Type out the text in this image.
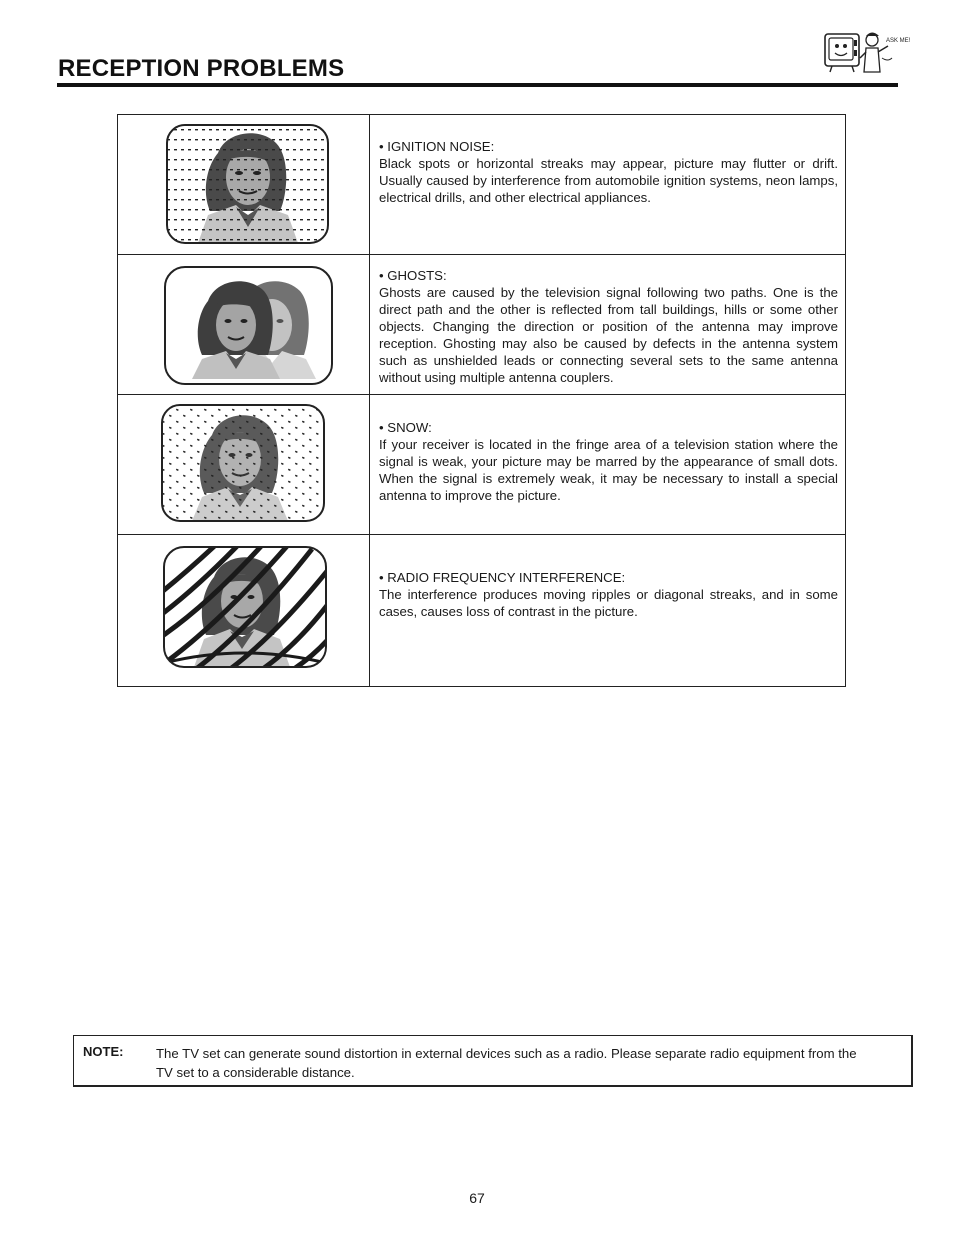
RECEPTION PROBLEMS
ASK ME!
• IGNITION NOISE:
Black spots or horizontal streaks may appear, picture may flutter or drift. Usually caused by interference from automobile ignition systems, neon lamps, electrical drills, and other electrical appliances.
• GHOSTS:
Ghosts are caused by the television signal following two paths. One is the direct path and the other is reflected from tall buildings, hills or some other objects. Changing the direction or position of the antenna may improve reception. Ghosting may also be caused by defects in the antenna system such as unshielded leads or connecting several sets to the same antenna without using multiple antenna couplers.
• SNOW:
If your receiver is located in the fringe area of a television station where the signal is weak, your picture may be marred by the appearance of small dots. When the signal is extremely weak, it may be necessary to install a special antenna to improve the picture.
• RADIO FREQUENCY INTERFERENCE:
The interference produces moving ripples or diagonal streaks, and in some cases, causes loss of contrast in the picture.
NOTE: The TV set can generate sound distortion in external devices such as a radio. Please separate radio equipment from the TV set to a considerable distance.
67
